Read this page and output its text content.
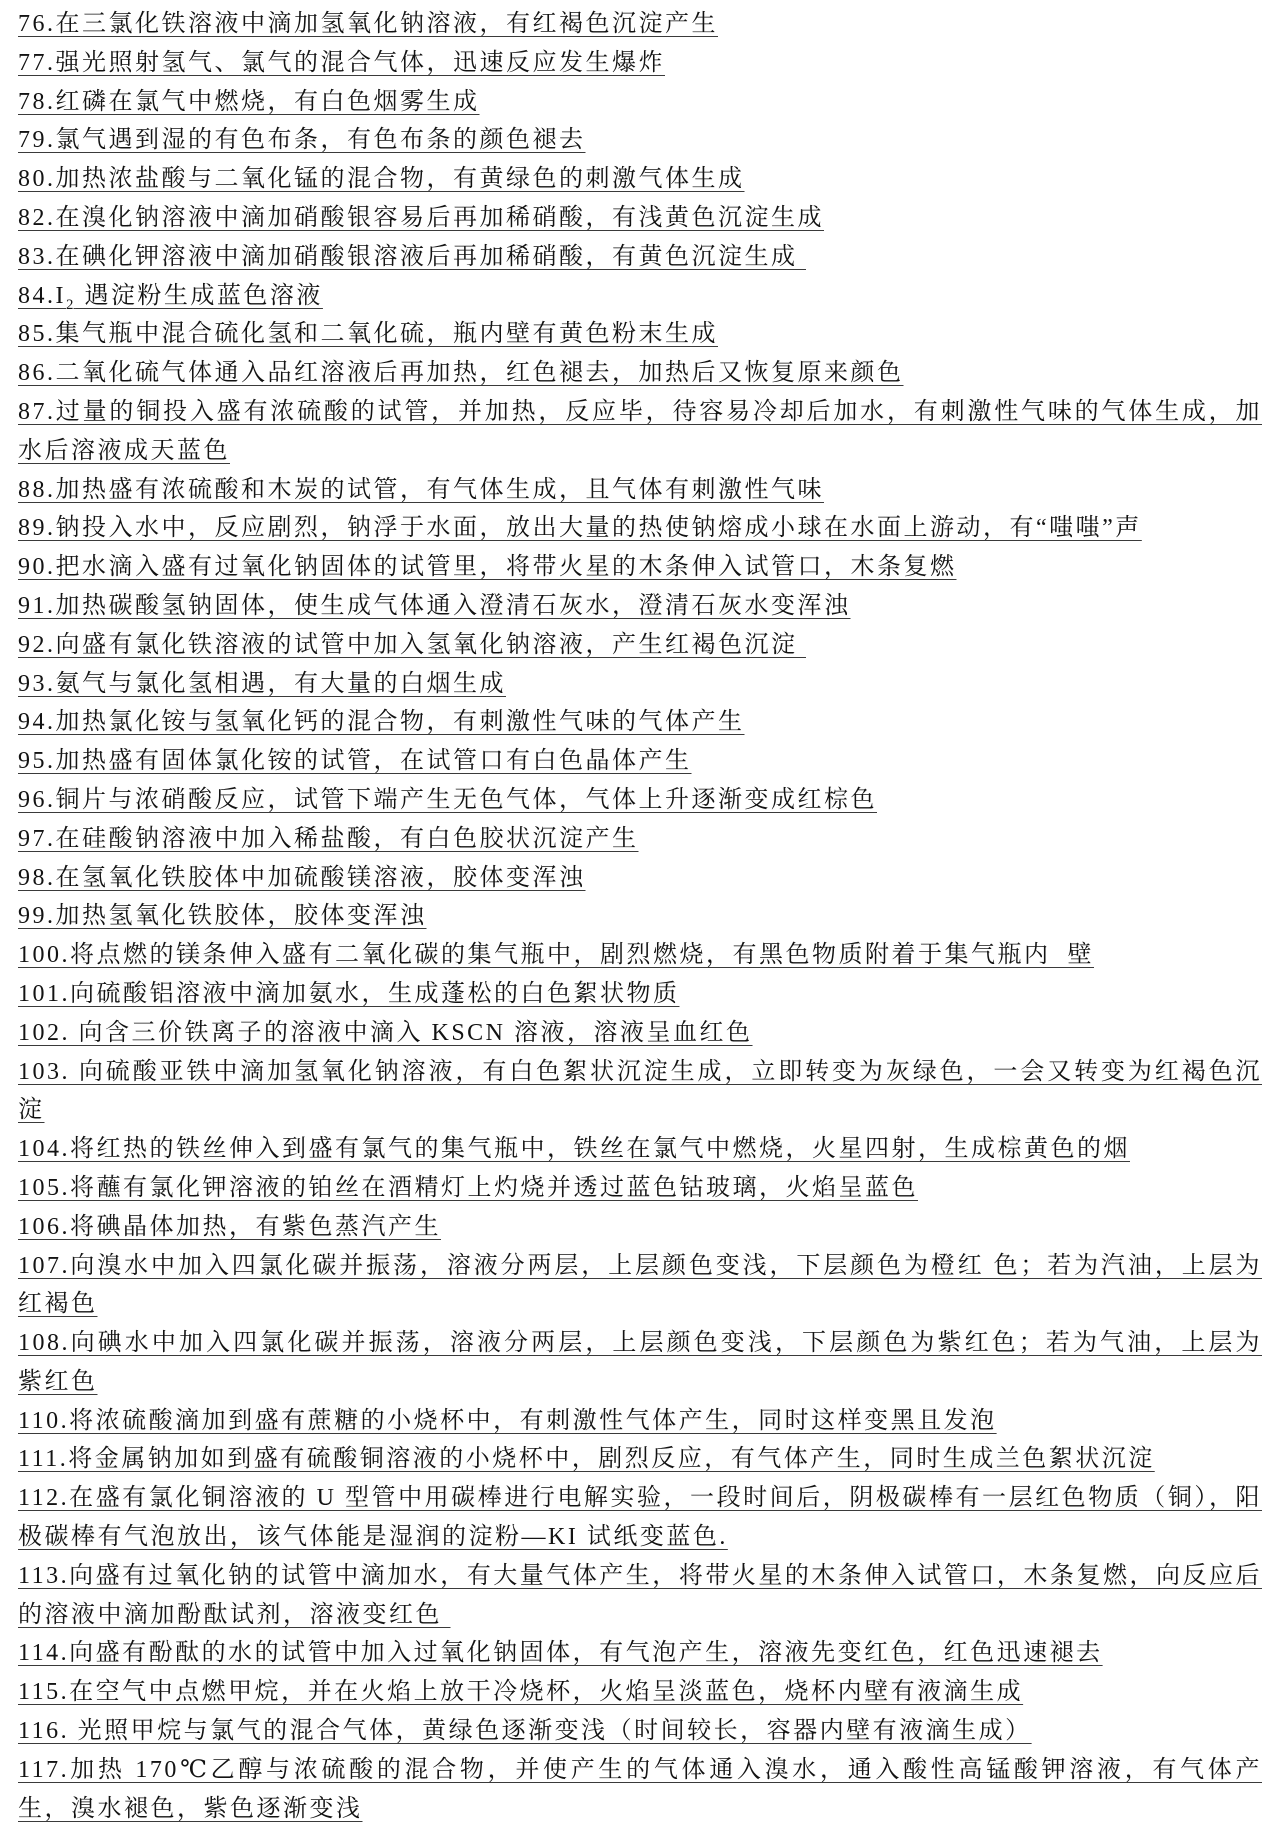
76.在三氯化铁溶液中滴加氢氧化钠溶液，有红褐色沉淀产生

77.强光照射氢气、氯气的混合气体，迅速反应发生爆炸

78.红磷在氯气中燃烧，有白色烟雾生成

79.氯气遇到湿的有色布条，有色布条的颜色褪去

80.加热浓盐酸与二氧化锰的混合物，有黄绿色的刺激气体生成

82.在溴化钠溶液中滴加硝酸银容易后再加稀硝酸，有浅黄色沉淀生成

83.在碘化钾溶液中滴加硝酸银溶液后再加稀硝酸，有黄色沉淀生成

$84.I_2$ 遇淀粉生成蓝色溶液

85.集气瓶中混合硫化氢和二氧化硫，瓶内壁有黄色粉末生成

86.二氧化硫气体通入品红溶液后再加热，红色褪去，加热后又恢复原来颜色

87.过量的铜投入盛有浓硫酸的试管，并加热，反应毕，待容易冷却后加水，有刺激性气味的气体生成，加水后溶液成天蓝色

88.加热盛有浓硫酸和木炭的试管，有气体生成，且气体有刺激性气味

89.钠投入水中，反应剧烈，钠浮于水面，放出大量的热使钠熔成小球在水面上游动，有“嗤嗤”声

90.把水滴入盛有过氧化钠固体的试管里，将带火星的木条伸入试管口，木条复燃

91.加热碳酸氢钠固体，使生成气体通入澄清石灰水，澄清石灰水变浑浊

92.向盛有氯化铁溶液的试管中加入氢氧化钠溶液，产生红褐色沉淀

93.氨气与氯化氢相遇，有大量的白烟生成

94.加热氯化铵与氢氧化钙的混合物，有刺激性气味的气体产生

95.加热盛有固体氯化铵的试管，在试管口有白色晶体产生

96.铜片与浓硝酸反应，试管下端产生无色气体，气体上升逐渐变成红棕色

97.在硅酸钠溶液中加入稀盐酸，有白色胶状沉淀产生

98.在氢氧化铁胶体中加硫酸镁溶液，胶体变浑浊

99.加热氢氧化铁胶体，胶体变浑浊

100.将点燃的镁条伸入盛有二氧化碳的集气瓶中，剧烈燃烧，有黑色物质附着于集气瓶内  壁

101.向硫酸铝溶液中滴加氨水，生成蓬松的白色絮状物质

102. 向含三价铁离子的溶液中滴入 KSCN 溶液，溶液呈血红色

103. 向硫酸亚铁中滴加氢氧化钠溶液，有白色絮状沉淀生成，立即转变为灰绿色，一会又转变为红褐色沉淀

104.将红热的铁丝伸入到盛有氯气的集气瓶中，铁丝在氯气中燃烧，火星四射，生成棕黄色的烟

105.将蘸有氯化钾溶液的铂丝在酒精灯上灼烧并透过蓝色钴玻璃，火焰呈蓝色

106.将碘晶体加热，有紫色蒸汽产生

107.向溴水中加入四氯化碳并振荡，溶液分两层，上层颜色变浅，下层颜色为橙红 色；若为汽油，上层为红褐色

108.向碘水中加入四氯化碳并振荡，溶液分两层，上层颜色变浅，下层颜色为紫红色；若为气油，上层为紫红色

110.将浓硫酸滴加到盛有蔗糖的小烧杯中，有刺激性气体产生，同时这样变黑且发泡

111.将金属钠加如到盛有硫酸铜溶液的小烧杯中，剧烈反应，有气体产生，同时生成兰色絮状沉淀

112.在盛有氯化铜溶液的 U 型管中用碳棒进行电解实验，一段时间后，阴极碳棒有一层红色物质（铜），阳极碳棒有气泡放出，该气体能是湿润的淀粉—KI 试纸变蓝色.

113.向盛有过氧化钠的试管中滴加水，有大量气体产生，将带火星的木条伸入试管口，木条复燃，向反应后的溶液中滴加酚酞试剂，溶液变红色

114.向盛有酚酞的水的试管中加入过氧化钠固体，有气泡产生，溶液先变红色，红色迅速褪去

115.在空气中点燃甲烷，并在火焰上放干冷烧杯，火焰呈淡蓝色，烧杯内壁有液滴生成

116. 光照甲烷与氯气的混合气体，黄绿色逐渐变浅（时间较长，容器内壁有液滴生成）

117.加热 170℃乙醇与浓硫酸的混合物，并使产生的气体通入溴水，通入酸性高锰酸钾溶液，有气体产生，溴水褪色，紫色逐渐变浅
